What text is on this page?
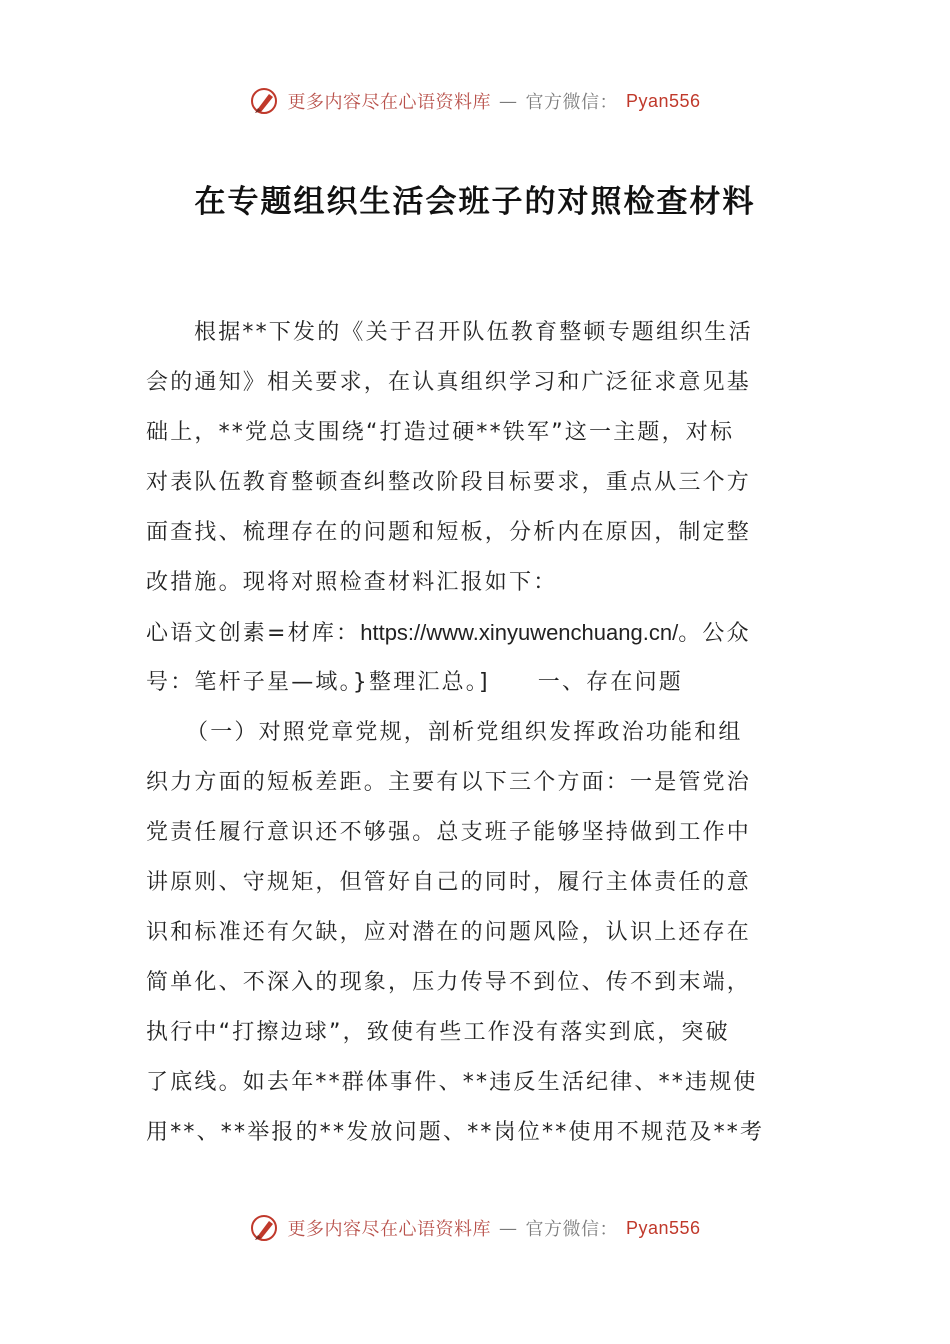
更多内容尽在心语资料库 — 官方微信： Pyan556
在专题组织生活会班子的对照检查材料
根据**下发的《关于召开队伍教育整顿专题组织生活
会的通知》相关要求，在认真组织学习和广泛征求意见基
础上，**党总支围绕“打造过硬**铁军”这一主题，对标
对表队伍教育整顿查纠整改阶段目标要求，重点从三个方
面查找、梳理存在的问题和短板，分析内在原因，制定整
改措施。现将对照检查材料汇报如下：
心语文创素=材库：https://www.xinyuwenchuang.cn/。公众
号：笔杆子星—域。}整理汇总。] 一、存在问题
（一）对照党章党规，剖析党组织发挥政治功能和组
织力方面的短板差距。主要有以下三个方面：一是管党治
党责任履行意识还不够强。总支班子能够坚持做到工作中
讲原则、守规矩，但管好自己的同时，履行主体责任的意
识和标准还有欠缺，应对潜在的问题风险，认识上还存在
简单化、不深入的现象，压力传导不到位、传不到末端，
执行中“打擦边球”，致使有些工作没有落实到底，突破
了底线。如去年**群体事件、**违反生活纪律、**违规使
用**、**举报的**发放问题、**岗位**使用不规范及**考
更多内容尽在心语资料库 — 官方微信： Pyan556
